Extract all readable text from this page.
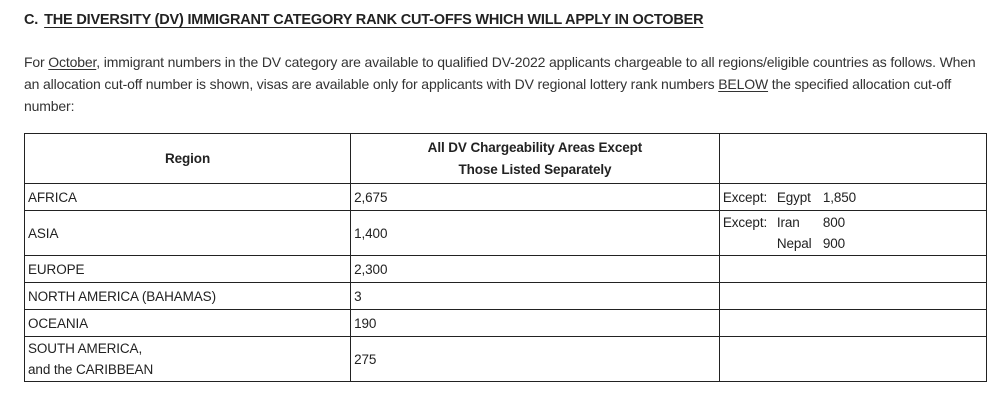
C. THE DIVERSITY (DV) IMMIGRANT CATEGORY RANK CUT-OFFS WHICH WILL APPLY IN OCTOBER

For October, immigrant numbers in the DV category are available to qualified DV-2022 applicants chargeable to all regions/eligible countries as follows. When an allocation cut-off number is shown, visas are available only for applicants with DV regional lottery rank numbers BELOW the specified allocation cut-off number:

Region	All DV Chargeability Areas Except
Those Listed Separately	

AFRICA	2,675	Except: Egypt 1,850

ASIA	1,400	Except: Iran 800
Nepal 900

EUROPE	2,300	

NORTH AMERICA (BAHAMAS)	3	

OCEANIA	190	

SOUTH AMERICA,
and the CARIBBEAN	275	
